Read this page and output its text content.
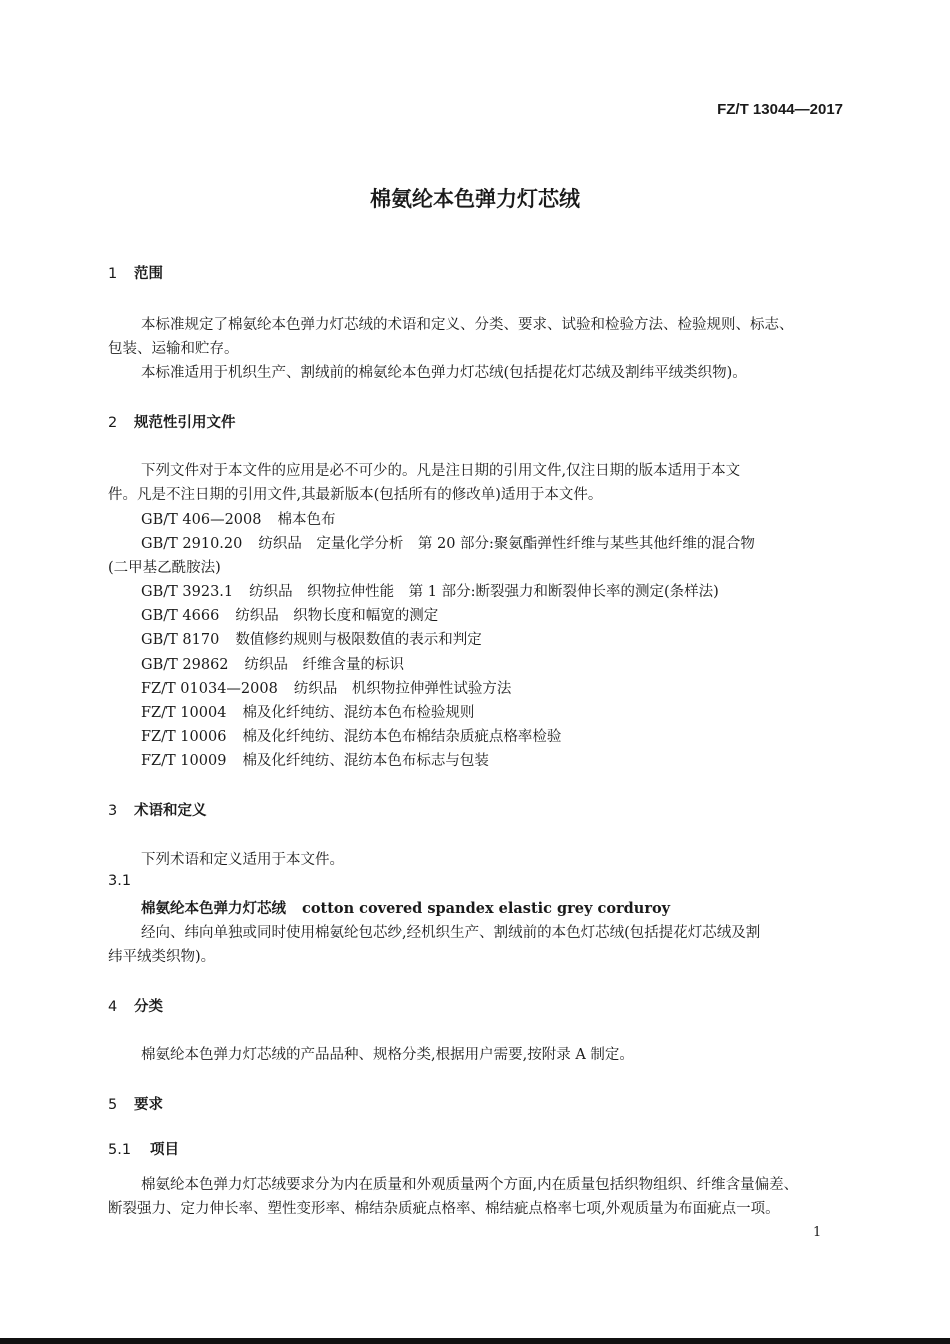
FZ/T 13044—2017
棉氨纶本色弹力灯芯绒
1 范围
本标准规定了棉氨纶本色弹力灯芯绒的术语和定义、分类、要求、试验和检验方法、检验规则、标志、
包装、运输和贮存。
本标准适用于机织生产、割绒前的棉氨纶本色弹力灯芯绒(包括提花灯芯绒及割纬平绒类织物)。
2 规范性引用文件
下列文件对于本文件的应用是必不可少的。凡是注日期的引用文件,仅注日期的版本适用于本文
件。凡是不注日期的引用文件,其最新版本(包括所有的修改单)适用于本文件。
GB/T 406—2008 棉本色布
GB/T 2910.20 纺织品　定量化学分析　第 20 部分:聚氨酯弹性纤维与某些其他纤维的混合物
(二甲基乙酰胺法)
GB/T 3923.1 纺织品　织物拉伸性能　第 1 部分:断裂强力和断裂伸长率的测定(条样法)
GB/T 4666 纺织品　织物长度和幅宽的测定
GB/T 8170 数值修约规则与极限数值的表示和判定
GB/T 29862 纺织品　纤维含量的标识
FZ/T 01034—2008 纺织品　机织物拉伸弹性试验方法
FZ/T 10004 棉及化纤纯纺、混纺本色布检验规则
FZ/T 10006 棉及化纤纯纺、混纺本色布棉结杂质疵点格率检验
FZ/T 10009 棉及化纤纯纺、混纺本色布标志与包装
3 术语和定义
下列术语和定义适用于本文件。
3.1
棉氨纶本色弹力灯芯绒 cotton covered spandex elastic grey corduroy
经向、纬向单独或同时使用棉氨纶包芯纱,经机织生产、割绒前的本色灯芯绒(包括提花灯芯绒及割
纬平绒类织物)。
4 分类
棉氨纶本色弹力灯芯绒的产品品种、规格分类,根据用户需要,按附录 A 制定。
5 要求
5.1 项目
棉氨纶本色弹力灯芯绒要求分为内在质量和外观质量两个方面,内在质量包括织物组织、纤维含量偏差、
断裂强力、定力伸长率、塑性变形率、棉结杂质疵点格率、棉结疵点格率七项,外观质量为布面疵点一项。
1
